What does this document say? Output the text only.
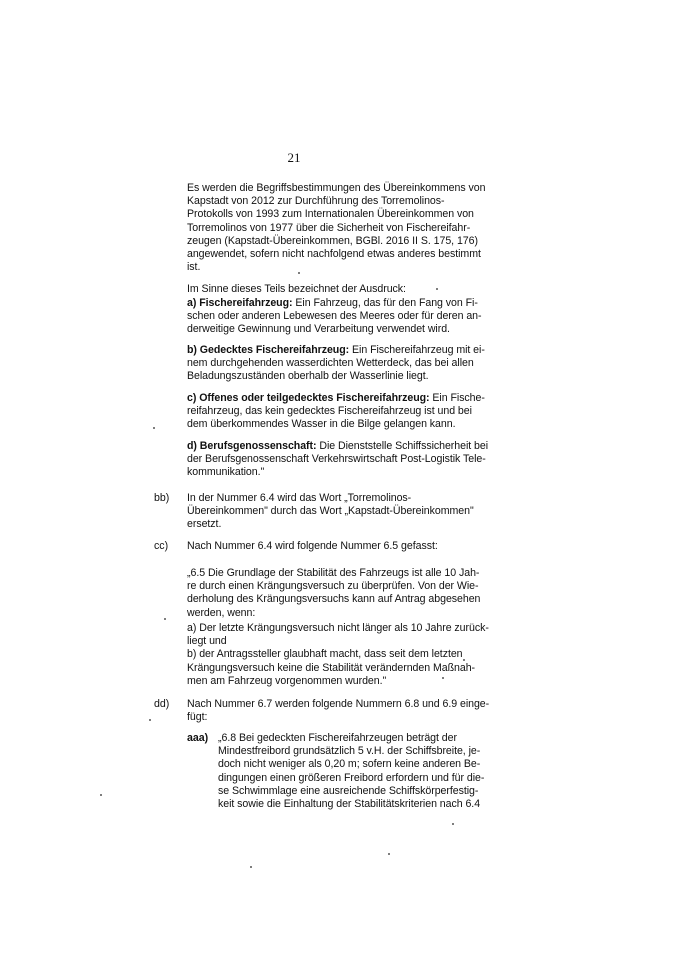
21
Es werden die Begriffsbestimmungen des Übereinkommens von
Kapstadt von 2012 zur Durchführung des Torremolinos-
Protokolls von 1993 zum Internationalen Übereinkommen von
Torremolinos von 1977 über die Sicherheit von Fischereifahr-
zeugen (Kapstadt-Übereinkommen, BGBl. 2016 II S. 175, 176)
angewendet, sofern nicht nachfolgend etwas anderes bestimmt
ist.
Im Sinne dieses Teils bezeichnet der Ausdruck:
a) Fischereifahrzeug: Ein Fahrzeug, das für den Fang von Fi-
schen oder anderen Lebewesen des Meeres oder für deren an-
derweitige Gewinnung und Verarbeitung verwendet wird.
b) Gedecktes Fischereifahrzeug: Ein Fischereifahrzeug mit ei-
nem durchgehenden wasserdichten Wetterdeck, das bei allen
Beladungszuständen oberhalb der Wasserlinie liegt.
c) Offenes oder teilgedecktes Fischereifahrzeug: Ein Fische-
reifahrzeug, das kein gedecktes Fischereifahrzeug ist und bei
dem überkommendes Wasser in die Bilge gelangen kann.
d) Berufsgenossenschaft: Die Dienststelle Schiffssicherheit bei
der Berufsgenossenschaft Verkehrswirtschaft Post-Logistik Tele-
kommunikation."
bb) In der Nummer 6.4 wird das Wort „Torremolinos-
Übereinkommen" durch das Wort „Kapstadt-Übereinkommen"
ersetzt.
cc) Nach Nummer 6.4 wird folgende Nummer 6.5 gefasst:
„6.5 Die Grundlage der Stabilität des Fahrzeugs ist alle 10 Jah-
re durch einen Krängungsversuch zu überprüfen. Von der Wie-
derholung des Krängungsversuchs kann auf Antrag abgesehen
werden, wenn:
a) Der letzte Krängungsversuch nicht länger als 10 Jahre zurück-
liegt und
b) der Antragssteller glaubhaft macht, dass seit dem letzten
Krängungsversuch keine die Stabilität verändernden Maßnah-
men am Fahrzeug vorgenommen wurden."
dd) Nach Nummer 6.7 werden folgende Nummern 6.8 und 6.9 einge-
fügt:
aaa) „6.8 Bei gedeckten Fischereifahrzeugen beträgt der
Mindestfreibord grundsätzlich 5 v.H. der Schiffsbreite, je-
doch nicht weniger als 0,20 m; sofern keine anderen Be-
dingungen einen größeren Freibord erfordern und für die-
se Schwimmlage eine ausreichende Schiffskörperfestig-
keit sowie die Einhaltung der Stabilitätskriterien nach 6.4
